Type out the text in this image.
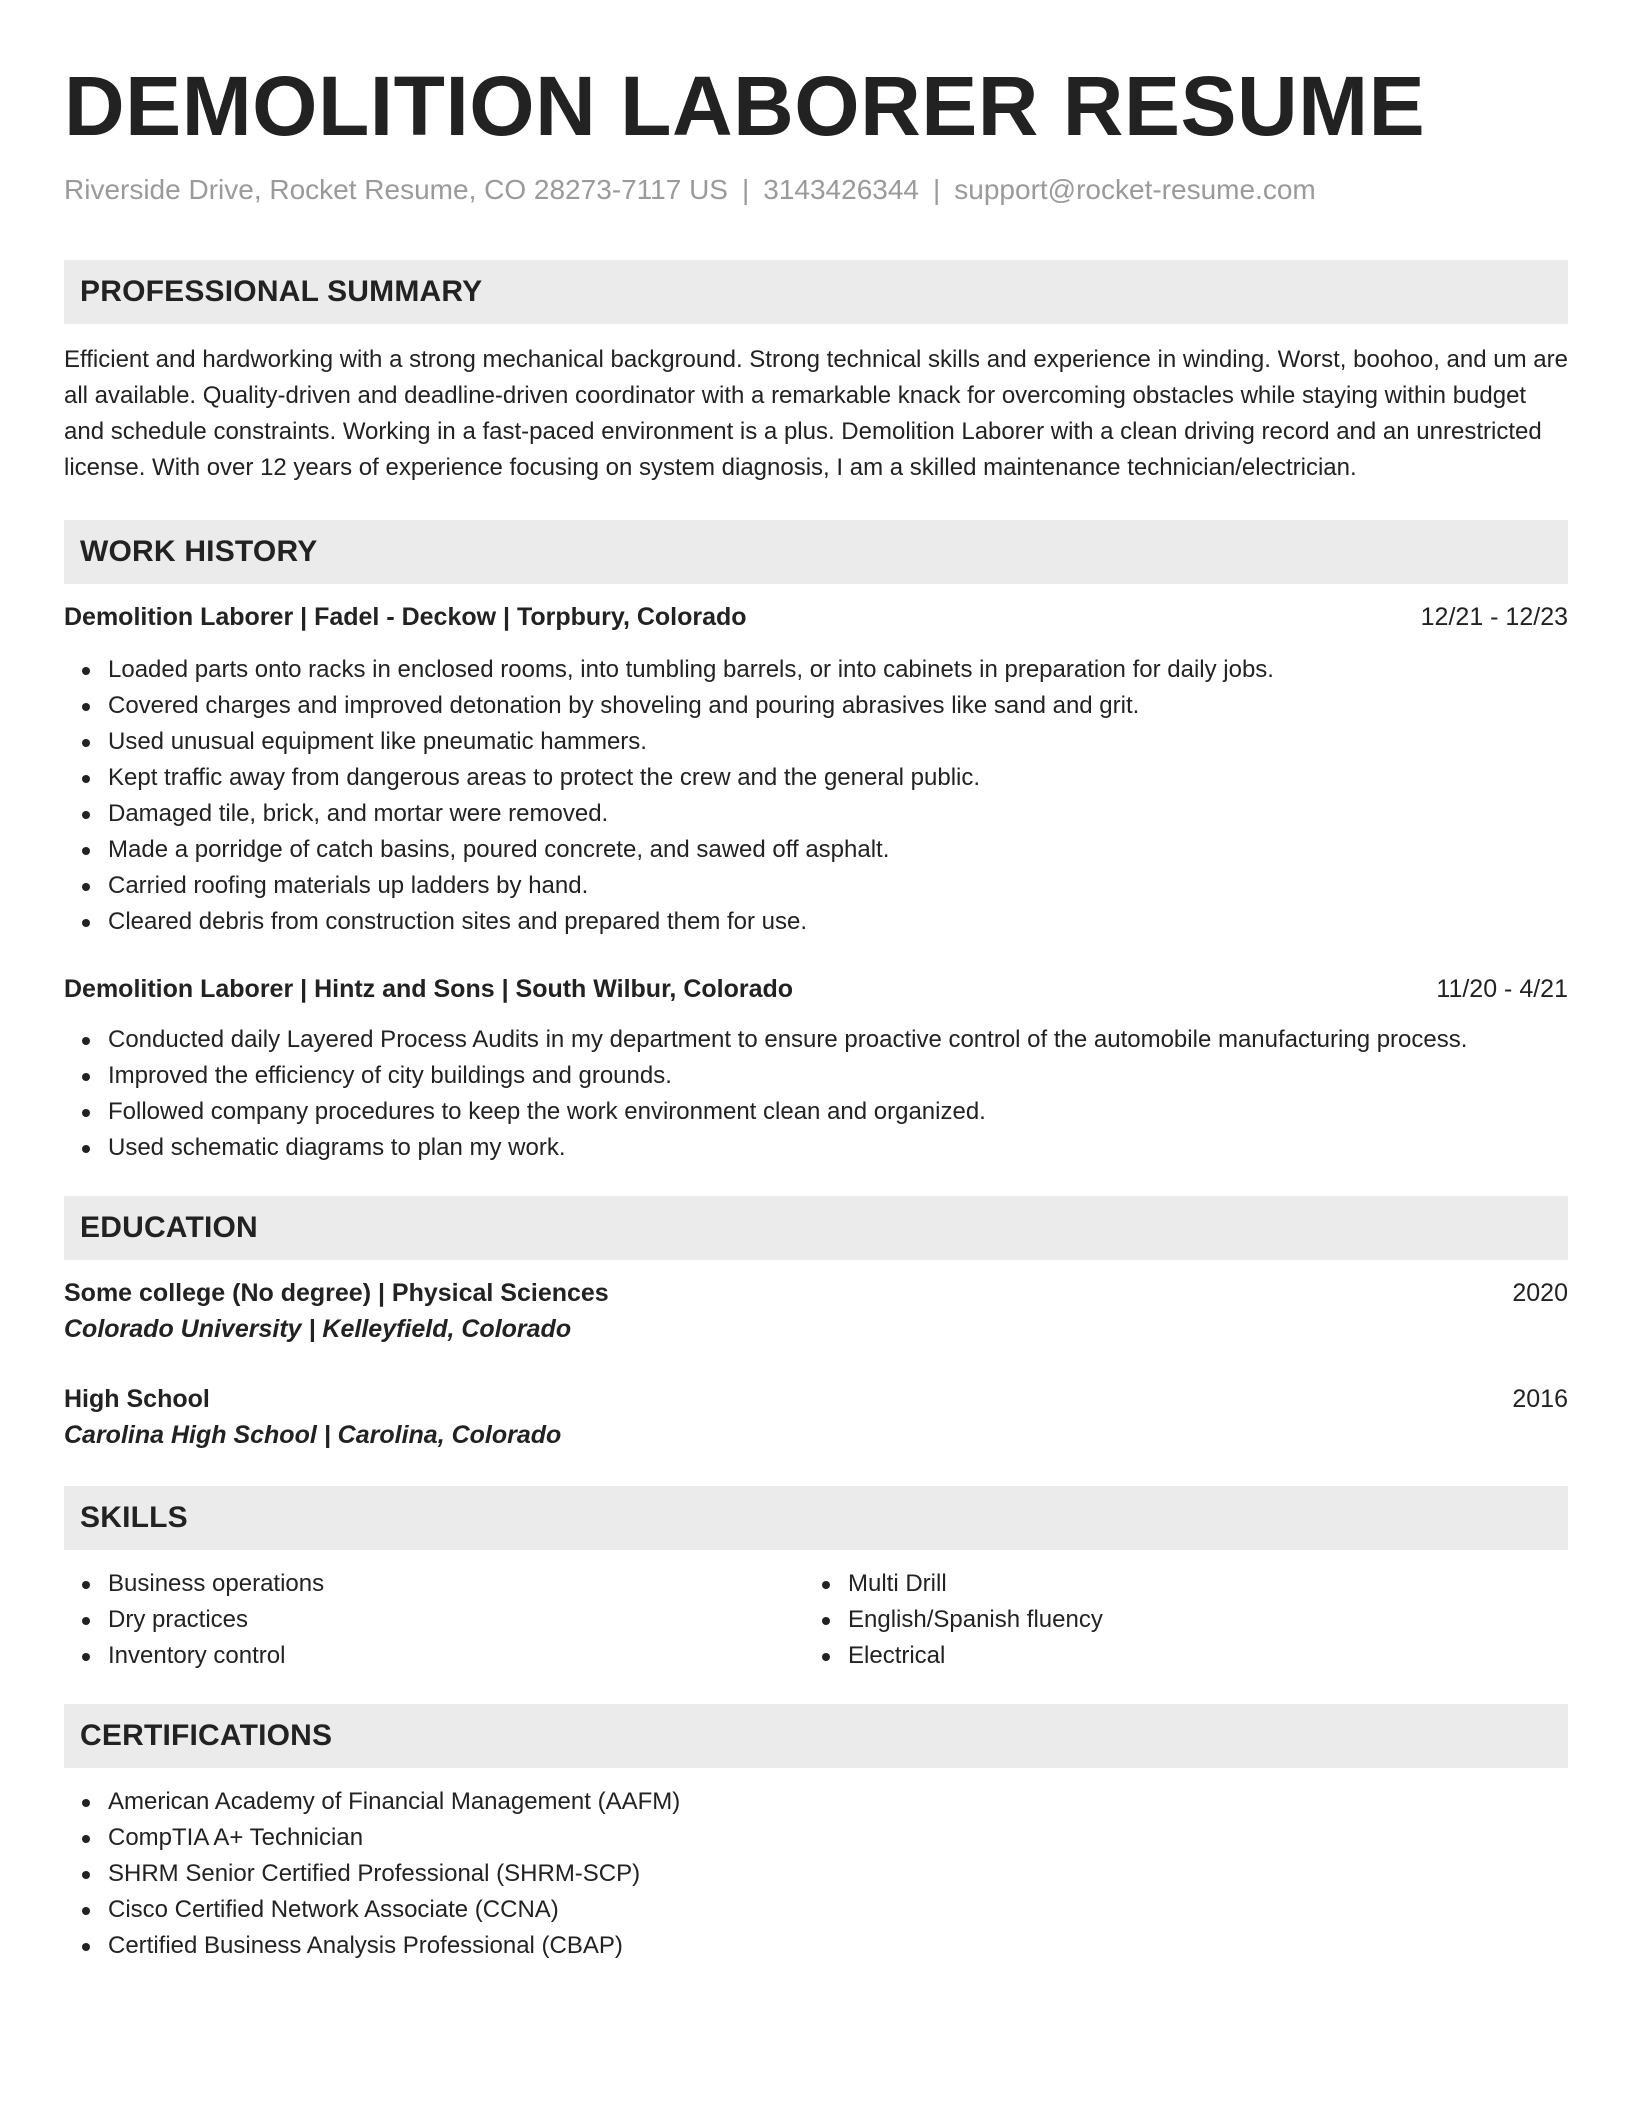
DEMOLITION LABORER RESUME
Riverside Drive, Rocket Resume, CO 28273-7117 US | 3143426344 | support@rocket-resume.com
PROFESSIONAL SUMMARY

Efficient and hardworking with a strong mechanical background. Strong technical skills and experience in winding. Worst, boohoo, and um are all available. Quality-driven and deadline-driven coordinator with a remarkable knack for overcoming obstacles while staying within budget and schedule constraints. Working in a fast-paced environment is a plus. Demolition Laborer with a clean driving record and an unrestricted license. With over 12 years of experience focusing on system diagnosis, I am a skilled maintenance technician/electrician.

WORK HISTORY
Demolition Laborer | Fadel - Deckow | Torpbury, Colorado	12/21 - 12/23
Loaded parts onto racks in enclosed rooms, into tumbling barrels, or into cabinets in preparation for daily jobs.
Covered charges and improved detonation by shoveling and pouring abrasives like sand and grit.
Used unusual equipment like pneumatic hammers.
Kept traffic away from dangerous areas to protect the crew and the general public.
Damaged tile, brick, and mortar were removed.
Made a porridge of catch basins, poured concrete, and sawed off asphalt.
Carried roofing materials up ladders by hand.
Cleared debris from construction sites and prepared them for use.
Demolition Laborer | Hintz and Sons | South Wilbur, Colorado	11/20 - 4/21
Conducted daily Layered Process Audits in my department to ensure proactive control of the automobile manufacturing process.
Improved the efficiency of city buildings and grounds.
Followed company procedures to keep the work environment clean and organized.
Used schematic diagrams to plan my work.
EDUCATION
Some college (No degree) | Physical Sciences	2020
Colorado University | Kelleyfield, Colorado
High School	2016
Carolina High School | Carolina, Colorado
SKILLS
Business operations
Dry practices
Inventory control
Multi Drill
English/Spanish fluency
Electrical
CERTIFICATIONS
American Academy of Financial Management (AAFM)
CompTIA A+ Technician
SHRM Senior Certified Professional (SHRM-SCP)
Cisco Certified Network Associate (CCNA)
Certified Business Analysis Professional (CBAP)
